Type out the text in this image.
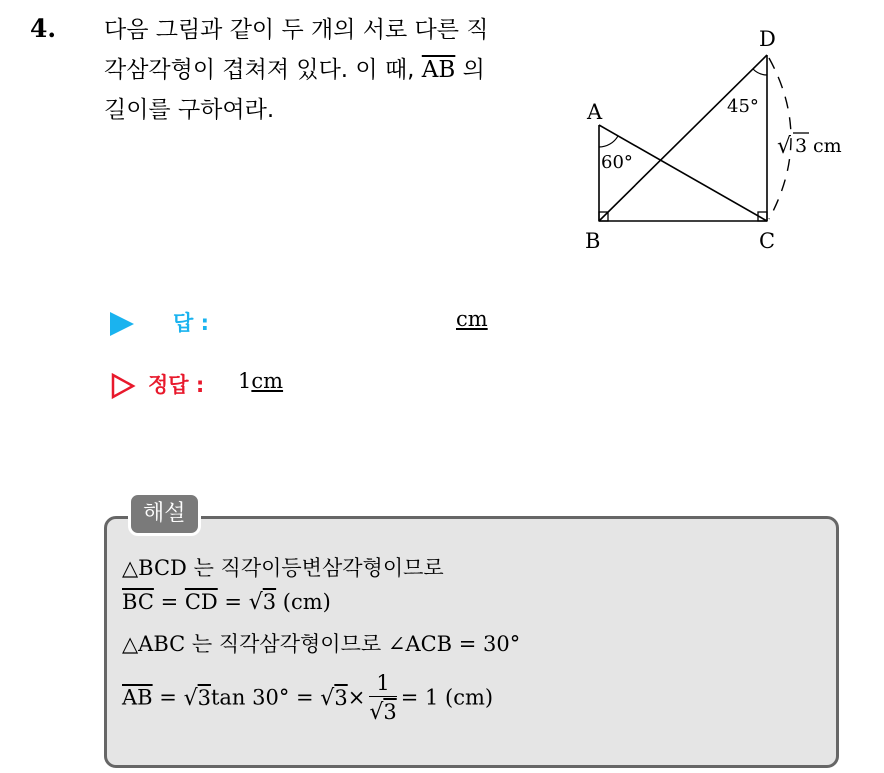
4. 다음 그림과 같이 두 개의 서로 다른 직
각삼각형이 겹쳐져 있다. 이 때, $\overline{AB}$ 의
길이를 구하여라.	A
B	C
D
60°
45°
√ 3 cm
답 :	cm
정답 : 1cm
해설
△BCD 는 직각이등변삼각형이므로
$\overline{BC} = \overline{CD} = √3$ (cm)
△ABC 는 직각삼각형이므로 ∠ACB = 30°
$\overline{AB} = √3\tan$ $30^\circ = √3\times \frac{1}{√3} = 1$ (cm)
